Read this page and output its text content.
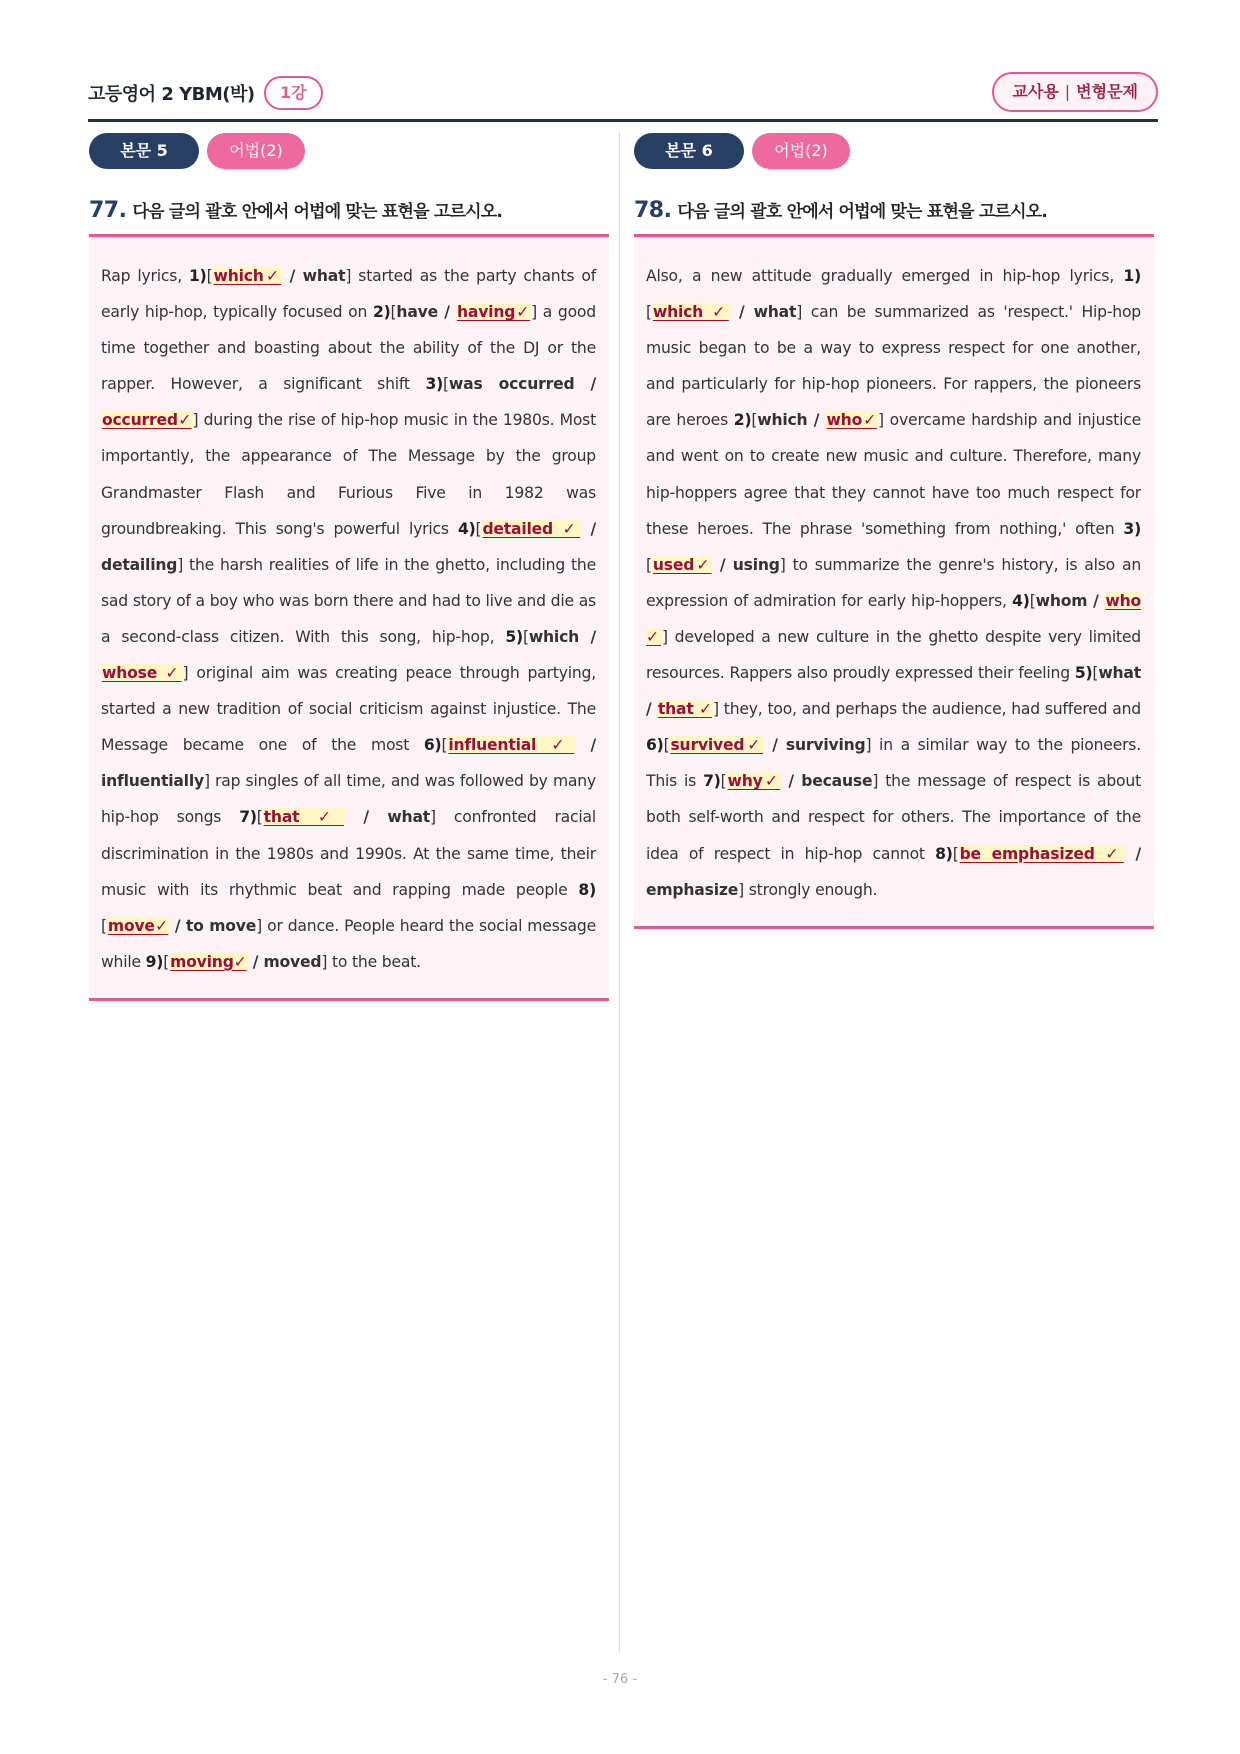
고등영어 2 YBM(박)	1강	교사용 | 변형문제
본문 5	어법(2)
77. 다음 글의 괄호 안에서 어법에 맞는 표현을 고르시오.
Rap lyrics, 1)[which✓ / what] started as the party chants of early hip-hop, typically focused on 2)[have / having✓] a good time together and boasting about the ability of the DJ or the rapper. However, a significant shift 3)[was occurred / occurred✓] during the rise of hip-hop music in the 1980s. Most importantly, the appearance of The Message by the group Grandmaster Flash and Furious Five in 1982 was groundbreaking. This song's powerful lyrics 4)[detailed ✓ / detailing] the harsh realities of life in the ghetto, including the sad story of a boy who was born there and had to live and die as a second-class citizen. With this song, hip-hop, 5)[which / whose ✓] original aim was creating peace through partying, started a new tradition of social criticism against injustice. The Message became one of the most 6)[influential ✓ / influentially] rap singles of all time, and was followed by many hip-hop songs 7)[that ✓ / what] confronted racial discrimination in the 1980s and 1990s. At the same time, their music with its rhythmic beat and rapping made people 8)[move✓ / to move] or dance. People heard the social message while 9)[moving✓ / moved] to the beat.
본문 6	어법(2)
78. 다음 글의 괄호 안에서 어법에 맞는 표현을 고르시오.
Also, a new attitude gradually emerged in hip-hop lyrics, 1)[which ✓ / what] can be summarized as 'respect.' Hip-hop music began to be a way to express respect for one another, and particularly for hip-hop pioneers. For rappers, the pioneers are heroes 2)[which / who✓] overcame hardship and injustice and went on to create new music and culture. Therefore, many hip-hoppers agree that they cannot have too much respect for these heroes. The phrase 'something from nothing,' often 3)[used✓ / using] to summarize the genre's history, is also an expression of admiration for early hip-hoppers, 4)[whom / who ✓] developed a new culture in the ghetto despite very limited resources. Rappers also proudly expressed their feeling 5)[what / that ✓] they, too, and perhaps the audience, had suffered and 6)[survived✓ / surviving] in a similar way to the pioneers. This is 7)[why✓ / because] the message of respect is about both self-worth and respect for others. The importance of the idea of respect in hip-hop cannot 8)[be emphasized ✓ / emphasize] strongly enough.
- 76 -
